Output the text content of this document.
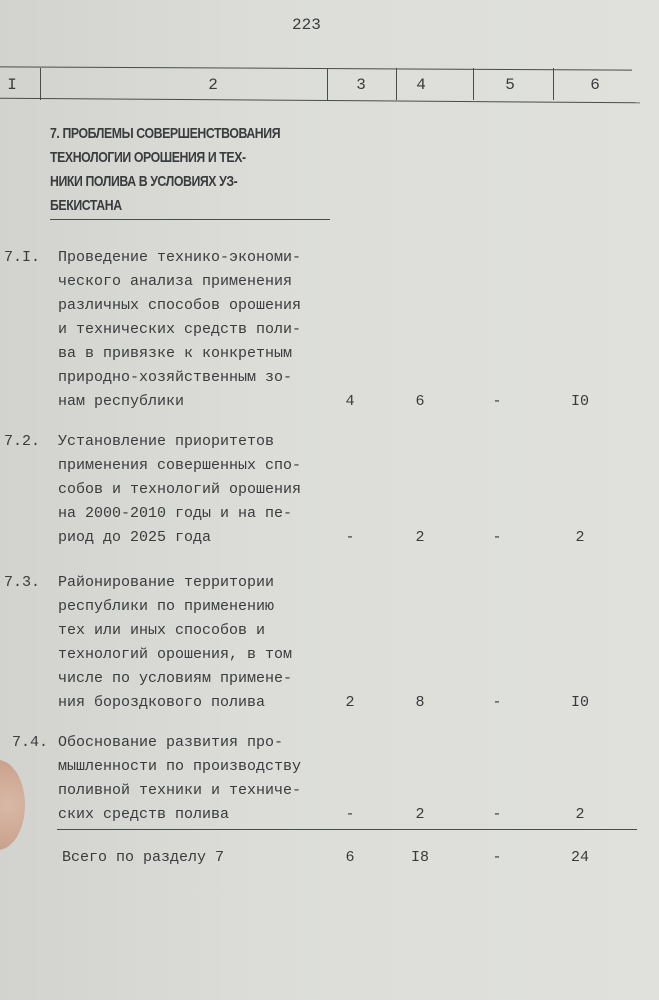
223
I	2	3	4	5	6
7. ПРОБЛЕМЫ СОВЕРШЕНСТВОВАНИЯ
ТЕХНОЛОГИИ ОРОШЕНИЯ И ТЕХ-
НИКИ ПОЛИВА В УСЛОВИЯХ УЗ-
БЕКИСТАНА
7.I. Проведение технико-экономи-
ческого анализа применения
различных способов орошения
и технических средств поли-
ва в привязке к конкретным
природно-хозяйственным зо-
нам республики	4	6	-	I0
7.2. Установление приоритетов
применения совершенных спо-
собов и технологий орошения
на 2000-2010 годы и на пе-
риод до 2025 года	-	2	-	2
7.3. Районирование территории
республики по применению
тех или иных способов и
технологий орошения, в том
числе по условиям примене-
ния бороздкового полива	2	8	-	I0
7.4. Обоснование развития про-
мышленности по производству
поливной техники и техниче-
ских средств полива	-	2	-	2
Всего по разделу 7	6	I8	-	24
